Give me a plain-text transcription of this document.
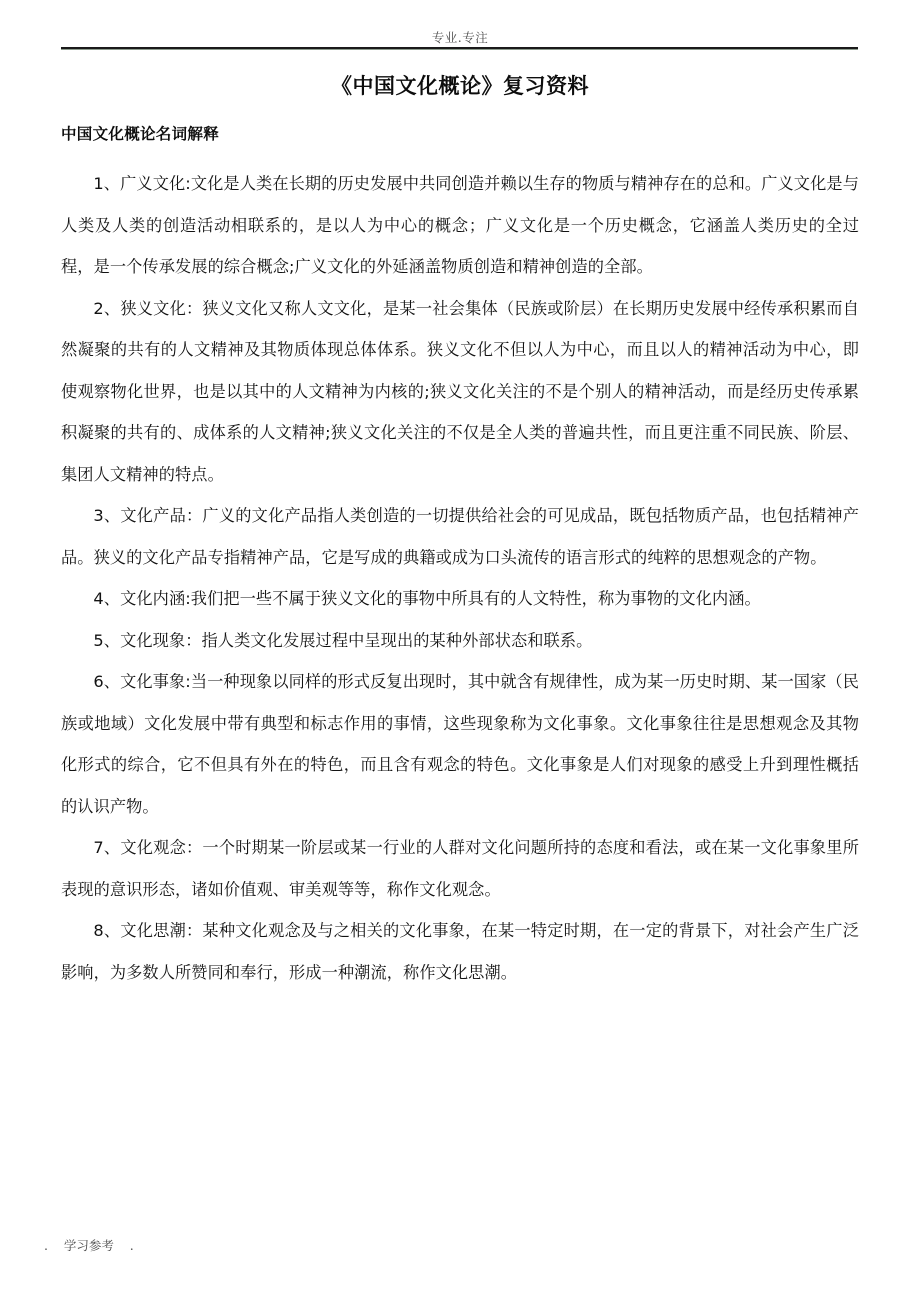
专业.专注
《中国文化概论》复习资料
中国文化概论名词解释

1、广义文化:文化是人类在长期的历史发展中共同创造并赖以生存的物质与精神存在的总和。广义文化是与人类及人类的创造活动相联系的，是以人为中心的概念；广义文化是一个历史概念，它涵盖人类历史的全过程，是一个传承发展的综合概念;广义文化的外延涵盖物质创造和精神创造的全部。

2、狭义文化：狭义文化又称人文文化，是某一社会集体（民族或阶层）在长期历史发展中经传承积累而自然凝聚的共有的人文精神及其物质体现总体体系。狭义文化不但以人为中心，而且以人的精神活动为中心，即使观察物化世界，也是以其中的人文精神为内核的;狭义文化关注的不是个别人的精神活动，而是经历史传承累积凝聚的共有的、成体系的人文精神;狭义文化关注的不仅是全人类的普遍共性，而且更注重不同民族、阶层、集团人文精神的特点。

3、文化产品：广义的文化产品指人类创造的一切提供给社会的可见成品，既包括物质产品，也包括精神产品。狭义的文化产品专指精神产品，它是写成的典籍或成为口头流传的语言形式的纯粹的思想观念的产物。

4、文化内涵:我们把一些不属于狭义文化的事物中所具有的人文特性，称为事物的文化内涵。

5、文化现象：指人类文化发展过程中呈现出的某种外部状态和联系。

6、文化事象:当一种现象以同样的形式反复出现时，其中就含有规律性，成为某一历史时期、某一国家（民族或地域）文化发展中带有典型和标志作用的事情，这些现象称为文化事象。文化事象往往是思想观念及其物化形式的综合，它不但具有外在的特色，而且含有观念的特色。文化事象是人们对现象的感受上升到理性概括的认识产物。

7、文化观念：一个时期某一阶层或某一行业的人群对文化问题所持的态度和看法，或在某一文化事象里所表现的意识形态，诸如价值观、审美观等等，称作文化观念。

8、文化思潮：某种文化观念及与之相关的文化事象，在某一特定时期，在一定的背景下，对社会产生广泛影响，为多数人所赞同和奉行，形成一种潮流，称作文化思潮。

.    学习参考    .
